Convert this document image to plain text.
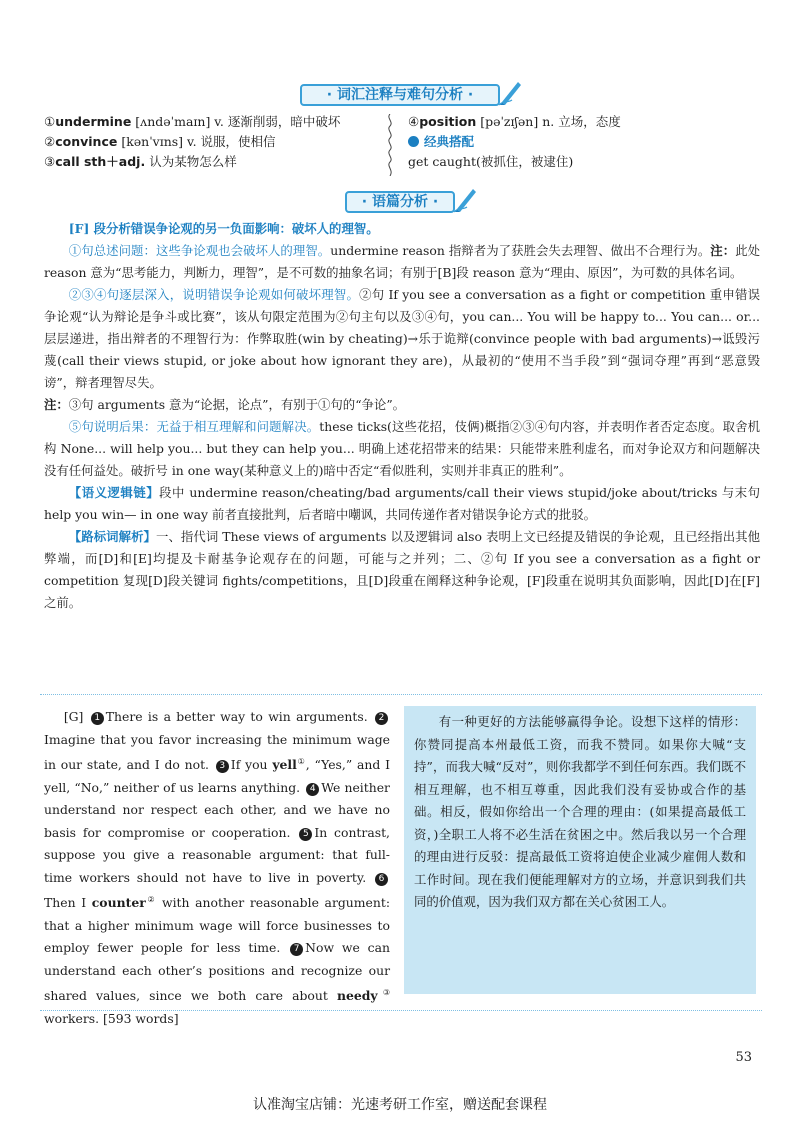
· 词汇注释与难句分析 ·
①undermine [ʌndəˈmaɪn] v. 逐渐削弱，暗中破坏
②convince [kənˈvɪns] v. 说服，使相信
③call sth＋adj. 认为某物怎么样
④position [pəˈzɪʃən] n. 立场，态度
经典搭配
get caught(被抓住，被逮住)
· 语篇分析 ·

[F] 段分析错误争论观的另一负面影响：破坏人的理智。

①句总述问题：这些争论观也会破坏人的理智。undermine reason 指辩者为了获胜会失去理智、做出不合理行为。注：此处 reason 意为“思考能力，判断力，理智”，是不可数的抽象名词；有别于[B]段 reason 意为“理由、原因”，为可数的具体名词。

②③④句逐层深入，说明错误争论观如何破坏理智。②句 If you see a conversation as a fight or competition 重申错误争论观“认为辩论是争斗或比赛”，该从句限定范围为②句主句以及③④句，you can... You will be happy to... You can... or... 层层递进，指出辩者的不理智行为：作弊取胜(win by cheating)→乐于诡辩(convince people with bad arguments)→诋毁污蔑(call their views stupid, or joke about how ignorant they are)，从最初的“使用不当手段”到“强词夺理”再到“恶意毁谤”，辩者理智尽失。
注：③句 arguments 意为“论据，论点”，有别于①句的“争论”。

⑤句说明后果：无益于相互理解和问题解决。these ticks(这些花招，伎俩)概指②③④句内容，并表明作者否定态度。取舍机构 None... will help you... but they can help you... 明确上述花招带来的结果：只能带来胜利虚名，而对争论双方和问题解决没有任何益处。破折号 in one way(某种意义上的)暗中否定“看似胜利，实则并非真正的胜利”。

【语义逻辑链】段中 undermine reason/cheating/bad arguments/call their views stupid/joke about/tricks 与末句 help you win— in one way 前者直接批判，后者暗中嘲讽，共同传递作者对错误争论方式的批驳。

【路标词解析】一、指代词 These views of arguments 以及逻辑词 also 表明上文已经提及错误的争论观，且已经指出其他弊端，而[D]和[E]均提及卡耐基争论观存在的问题，可能与之并列；二、②句 If you see a conversation as a fight or competition 复现[D]段关键词 fights/competitions，且[D]段重在阐释这种争论观，[F]段重在说明其负面影响，因此[D]在[F]之前。

[G] 1 There is a better way to win arguments. 2Imagine that you favor increasing the minimum wage in our state, and I do not. 3 If you yell①, “Yes,” and I yell, “No,” neither of us learns anything. 4 We neither understand nor respect each other, and we have no basis for compromise or cooperation. 5 In contrast, suppose you give a reasonable argument: that full-time workers should not have to live in poverty. 6Then I counter② with another reasonable argument: that a higher minimum wage will force businesses to employ fewer people for less time. 7 Now we can understand each other’s positions and recognize our shared values, since we both care about needy③ workers. [593 words]

有一种更好的方法能够赢得争论。设想下这样的情形：你赞同提高本州最低工资，而我不赞同。如果你大喊“支持”，而我大喊“反对”，则你我都学不到任何东西。我们既不相互理解，也不相互尊重，因此我们没有妥协或合作的基础。相反，假如你给出一个合理的理由：(如果提高最低工资，)全职工人将不必生活在贫困之中。然后我以另一个合理的理由进行反驳：提高最低工资将迫使企业减少雇佣人数和工作时间。现在我们便能理解对方的立场，并意识到我们共同的价值观，因为我们双方都在关心贫困工人。

53
认准淘宝店铺：光速考研工作室，赠送配套课程
